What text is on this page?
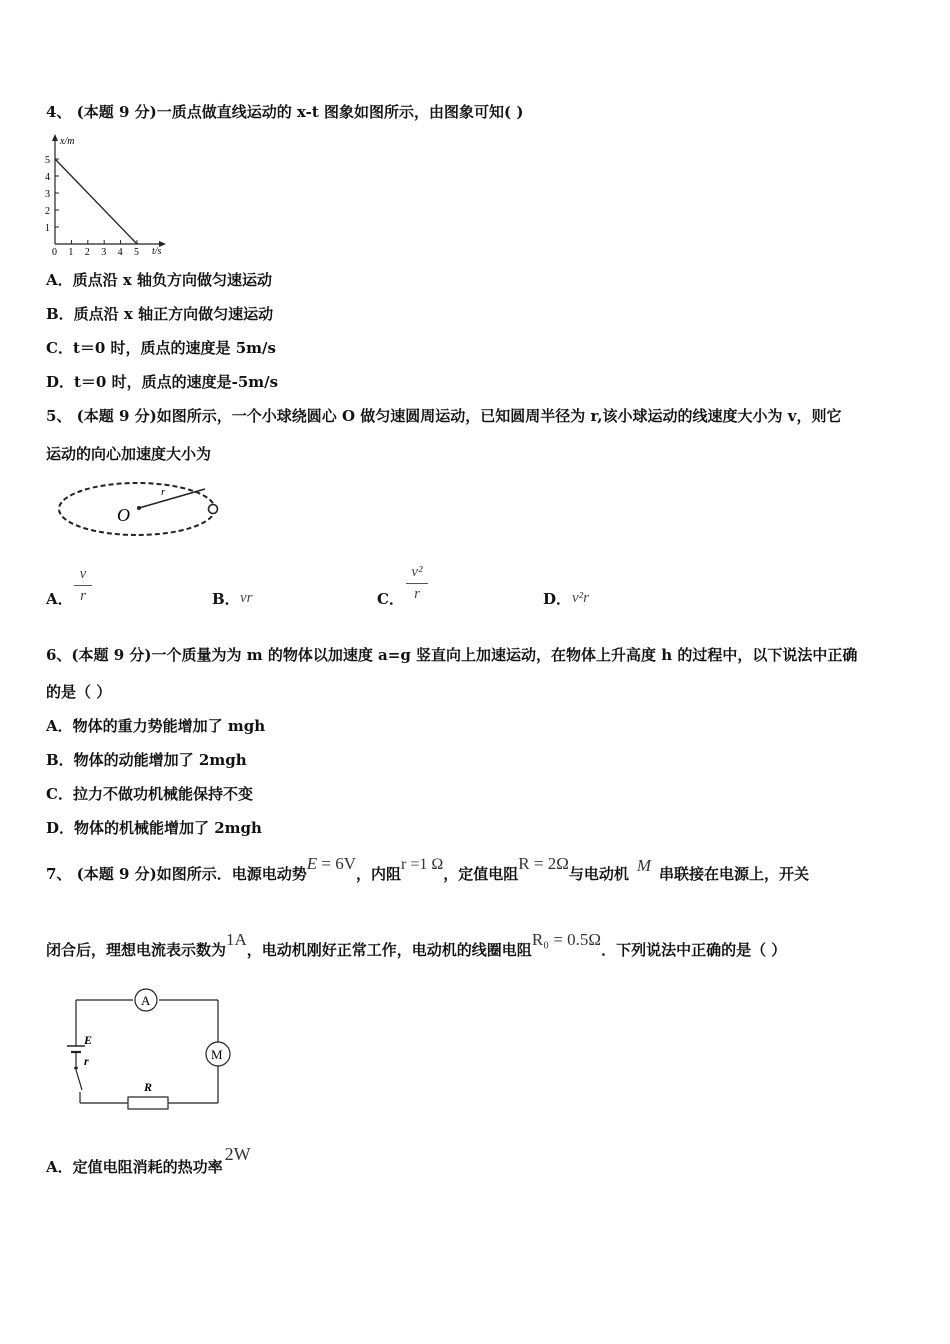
4、 (本题 9 分)一质点做直线运动的 x-t 图象如图所示，由图象可知( )
x/m
t/s
1
2
3
4
5
0 1 2 3 4 5
A．质点沿 x 轴负方向做匀速运动
B．质点沿 x 轴正方向做匀速运动
C．t＝0 时，质点的速度是 5m/s
D．t＝0 时，质点的速度是-5m/s
5、 (本题 9 分)如图所示，一个小球绕圆心 O 做匀速圆周运动，已知圆周半径为 r,该小球运动的线速度大小为 v，则它
运动的向心加速度大小为
O
r
A．
v
r	B． vr	C．
v²
r	D． v²r
6、(本题 9 分)一个质量为为 m 的物体以加速度 a=g 竖直向上加速运动，在物体上升高度 h 的过程中，以下说法中正确
的是（ ）
A．物体的重力势能增加了 mgh
B．物体的动能增加了 2mgh
C．拉力不做功机械能保持不变
D．物体的机械能增加了 2mgh
7、 (本题 9 分)如图所示．电源电动势E = 6V，内阻r =1 Ω，定值电阻R = 2Ω与电动机 M 串联接在电源上，开关
闭合后，理想电流表示数为1A，电动机刚好正常工作，电动机的线圈电阻R₀ = 0.5Ω．下列说法中正确的是（ ）
A
M
R
E
r
A．定值电阻消耗的热功率2W
